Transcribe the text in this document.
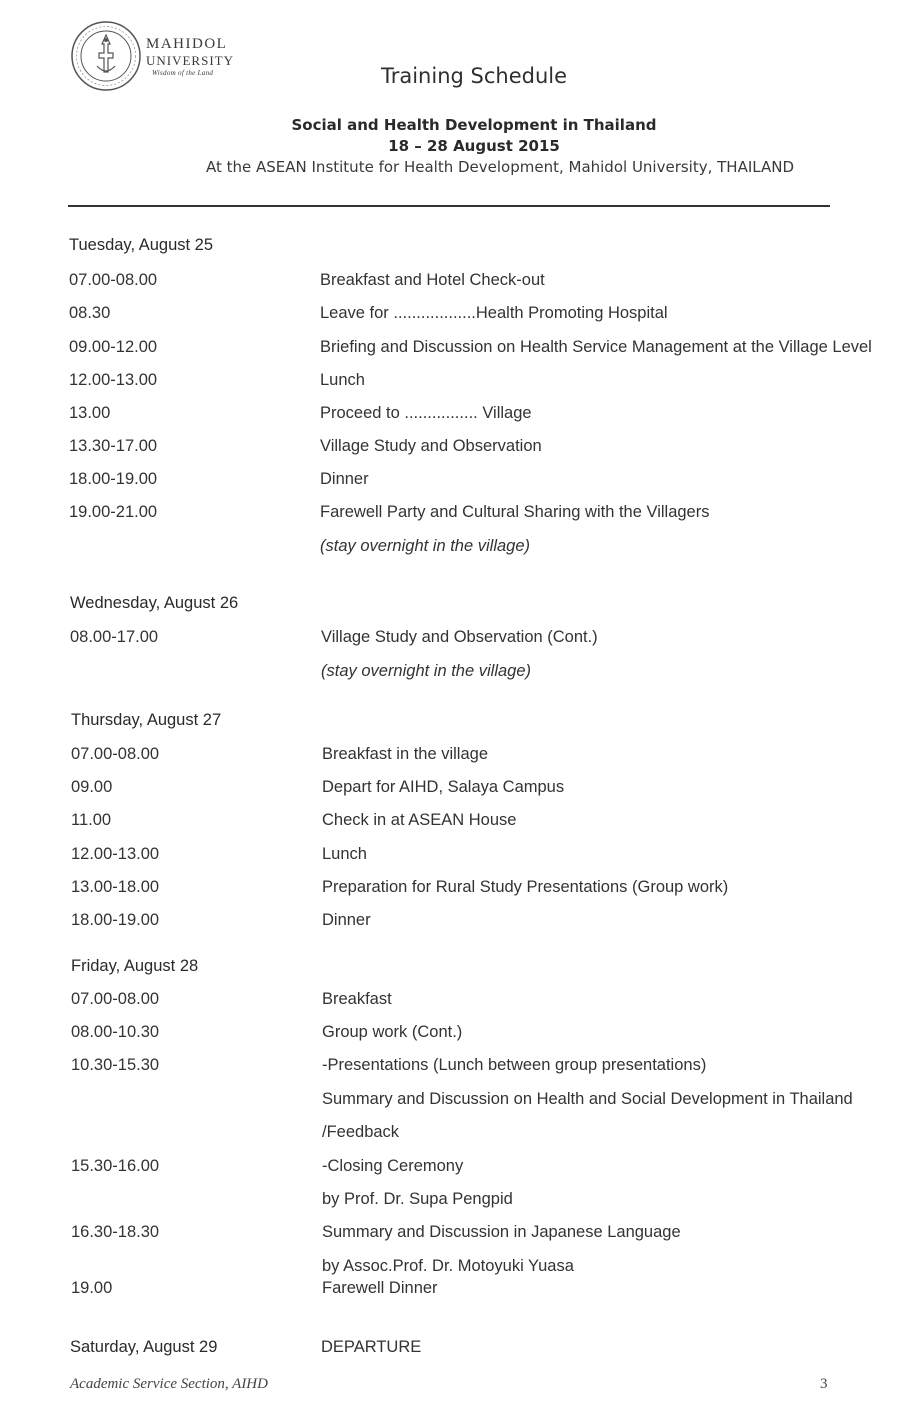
MAHIDOL
UNIVERSITY
Wisdom of the Land	Training Schedule
Social and Health Development in Thailand
18 – 28 August 2015
At the ASEAN Institute for Health Development, Mahidol University, THAILAND
Tuesday, August 25
07.00-08.00	Breakfast and Hotel Check-out
08.30	Leave for ..................Health Promoting Hospital
09.00-12.00	Briefing and Discussion on Health Service Management at the Village Level
12.00-13.00	Lunch
13.00	Proceed to ................ Village
13.30-17.00	Village Study and Observation
18.00-19.00	Dinner
19.00-21.00	Farewell Party and Cultural Sharing with the Villagers
(stay overnight in the village)
Wednesday, August 26
08.00-17.00	Village Study and Observation (Cont.)
(stay overnight in the village)
Thursday, August 27
07.00-08.00	Breakfast in the village
09.00	Depart for AIHD, Salaya Campus
11.00	Check in at ASEAN House
12.00-13.00	Lunch
13.00-18.00	Preparation for Rural Study Presentations (Group work)
18.00-19.00	Dinner
Friday, August 28
07.00-08.00	Breakfast
08.00-10.30	Group work (Cont.)
10.30-15.30	-Presentations (Lunch between group presentations)
Summary and Discussion on Health and Social Development in Thailand
/Feedback
15.30-16.00	-Closing Ceremony
by Prof. Dr. Supa Pengpid
16.30-18.30	Summary and Discussion in Japanese Language
by Assoc.Prof. Dr. Motoyuki Yuasa
19.00	Farewell Dinner
Saturday, August 29	DEPARTURE
Academic Service Section, AIHD	3
